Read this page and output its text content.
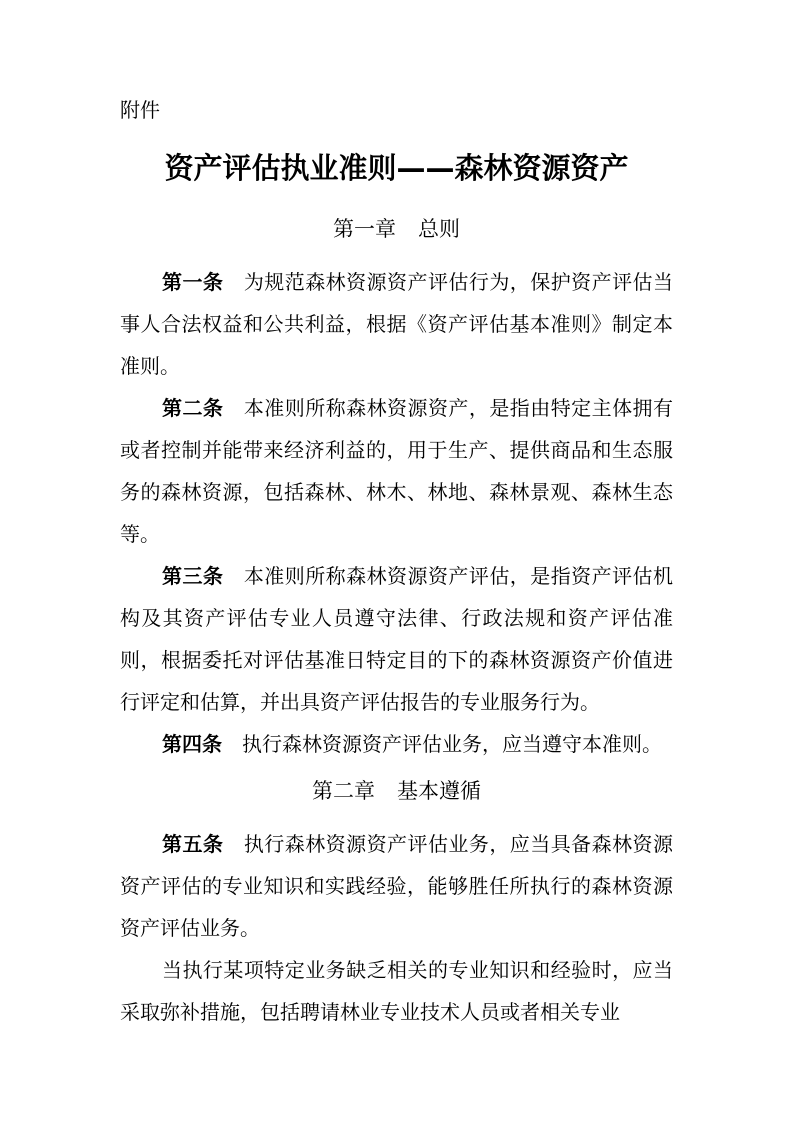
附件
资产评估执业准则——森林资源资产
第一章 总则

第一条 为规范森林资源资产评估行为，保护资产评估当事人合法权益和公共利益，根据《资产评估基本准则》制定本准则。

第二条 本准则所称森林资源资产，是指由特定主体拥有或者控制并能带来经济利益的，用于生产、提供商品和生态服务的森林资源，包括森林、林木、林地、森林景观、森林生态等。

第三条 本准则所称森林资源资产评估，是指资产评估机构及其资产评估专业人员遵守法律、行政法规和资产评估准则，根据委托对评估基准日特定目的下的森林资源资产价值进行评定和估算，并出具资产评估报告的专业服务行为。

第四条 执行森林资源资产评估业务，应当遵守本准则。

第二章 基本遵循

第五条 执行森林资源资产评估业务，应当具备森林资源资产评估的专业知识和实践经验，能够胜任所执行的森林资源资产评估业务。

当执行某项特定业务缺乏相关的专业知识和经验时，应当采取弥补措施，包括聘请林业专业技术人员或者相关专业
